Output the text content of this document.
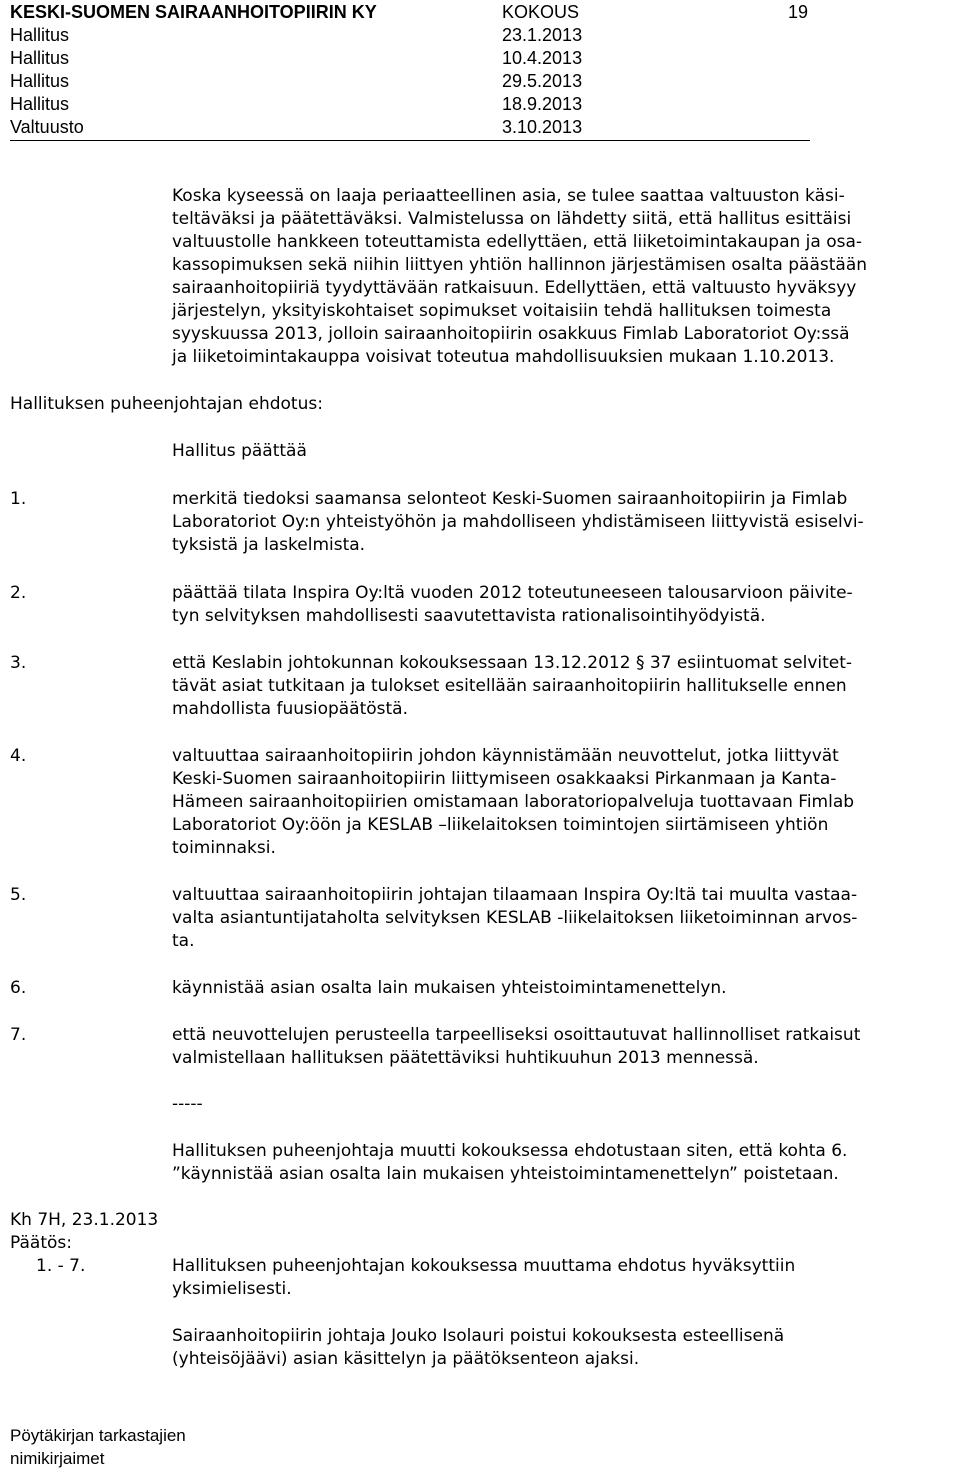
KESKI-SUOMEN SAIRAANHOITOPIIRIN KY	KOKOUS	19
Hallitus	23.1.2013
Hallitus	10.4.2013
Hallitus	29.5.2013
Hallitus	18.9.2013
Valtuusto	3.10.2013
Koska kyseessä on laaja periaatteellinen asia, se tulee saattaa valtuuston käsi-
teltäväksi ja päätettäväksi. Valmistelussa on lähdetty siitä, että hallitus esittäisi
valtuustolle hankkeen toteuttamista edellyttäen, että liiketoimintakaupan ja osa-
kassopimuksen sekä niihin liittyen yhtiön hallinnon järjestämisen osalta päästään
sairaanhoitopiiriä tyydyttävään ratkaisuun. Edellyttäen, että valtuusto hyväksyy
järjestelyn, yksityiskohtaiset sopimukset voitaisiin tehdä hallituksen toimesta
syyskuussa 2013, jolloin sairaanhoitopiirin osakkuus Fimlab Laboratoriot Oy:ssä
ja liiketoimintakauppa voisivat toteutua mahdollisuuksien mukaan 1.10.2013.
Hallituksen puheenjohtajan ehdotus:
Hallitus päättää
1.	merkitä tiedoksi saamansa selonteot Keski-Suomen sairaanhoitopiirin ja Fimlab
Laboratoriot Oy:n yhteistyöhön ja mahdolliseen yhdistämiseen liittyvistä esiselvi-
tyksistä ja laskelmista.
2.	päättää tilata Inspira Oy:ltä vuoden 2012 toteutuneeseen talousarvioon päivite-
tyn selvityksen mahdollisesti saavutettavista rationalisointihyödyistä.
3.	että Keslabin johtokunnan kokouksessaan 13.12.2012 § 37 esiintuomat selvitet-
tävät asiat tutkitaan ja tulokset esitellään sairaanhoitopiirin hallitukselle ennen
mahdollista fuusiopäätöstä.
4.	valtuuttaa sairaanhoitopiirin johdon käynnistämään neuvottelut, jotka liittyvät
Keski-Suomen sairaanhoitopiirin liittymiseen osakkaaksi Pirkanmaan ja Kanta-
Hämeen sairaanhoitopiirien omistamaan laboratoriopalveluja tuottavaan Fimlab
Laboratoriot Oy:öön ja KESLAB –liikelaitoksen toimintojen siirtämiseen yhtiön
toiminnaksi.
5.	valtuuttaa sairaanhoitopiirin johtajan tilaamaan Inspira Oy:ltä tai muulta vastaa-
valta asiantuntijataholta selvityksen KESLAB -liikelaitoksen liiketoiminnan arvos-
ta.
6.	käynnistää asian osalta lain mukaisen yhteistoimintamenettelyn.
7.	että neuvottelujen perusteella tarpeelliseksi osoittautuvat hallinnolliset ratkaisut
valmistellaan hallituksen päätettäviksi huhtikuuhun 2013 mennessä.
-----
Hallituksen puheenjohtaja muutti kokouksessa ehdotustaan siten, että kohta 6.
”käynnistää asian osalta lain mukaisen yhteistoimintamenettelyn” poistetaan.
Kh 7H, 23.1.2013
Päätös:
1. - 7.	Hallituksen puheenjohtajan kokouksessa muuttama ehdotus hyväksyttiin
yksimielisesti.
Sairaanhoitopiirin johtaja Jouko Isolauri poistui kokouksesta esteellisenä
(yhteisöjäävi) asian käsittelyn ja päätöksenteon ajaksi.
Pöytäkirjan tarkastajien
nimikirjaimet
